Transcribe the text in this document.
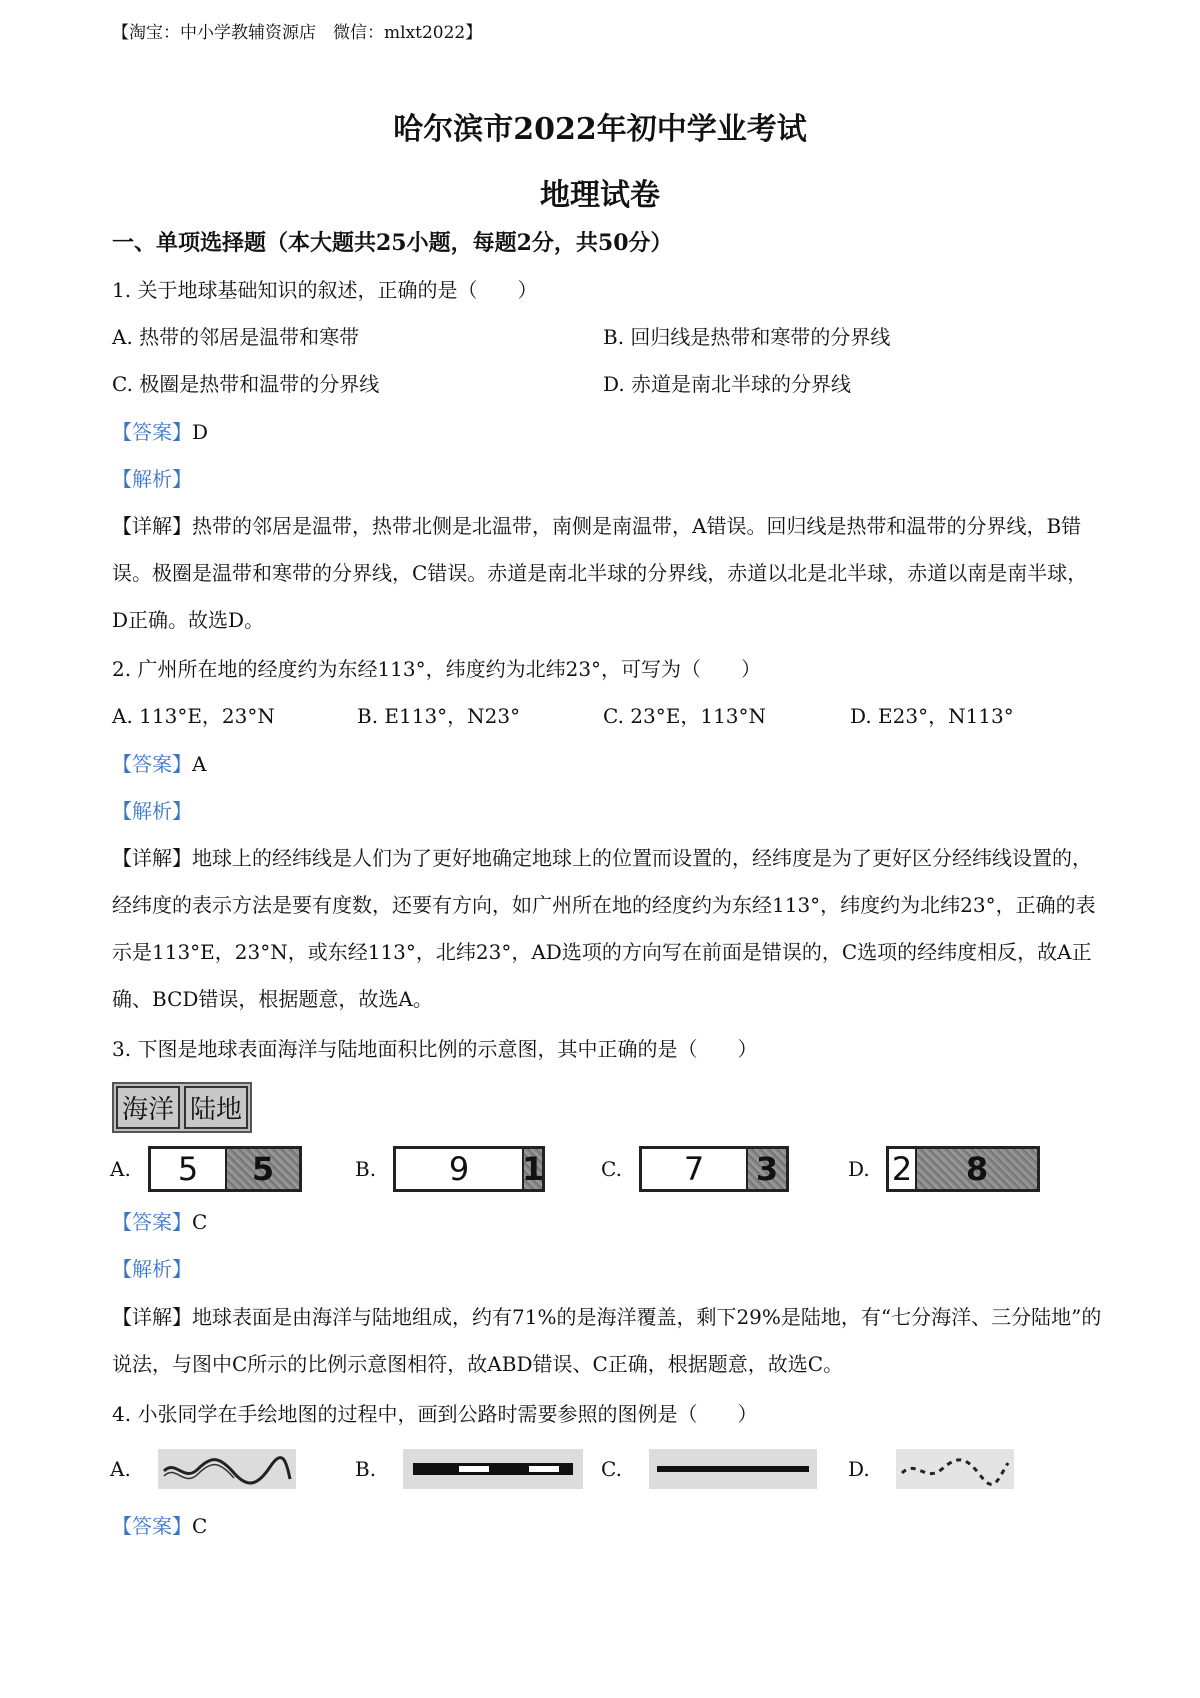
【淘宝：中小学教辅资源店　微信：mlxt2022】
哈尔滨市2022年初中学业考试
地理试卷
一、单项选择题（本大题共25小题，每题2分，共50分）
1. 关于地球基础知识的叙述，正确的是（　　）
A. 热带的邻居是温带和寒带	B. 回归线是热带和寒带的分界线
C. 极圈是热带和温带的分界线	D. 赤道是南北半球的分界线
【答案】D
【解析】
【详解】热带的邻居是温带，热带北侧是北温带，南侧是南温带，A错误。回归线是热带和温带的分界线，B错误。极圈是温带和寒带的分界线，C错误。赤道是南北半球的分界线，赤道以北是北半球，赤道以南是南半球，D正确。故选D。
2. 广州所在地的经度约为东经113°，纬度约为北纬23°，可写为（　　）
A. 113°E，23°N	B. E113°，N23°	C. 23°E，113°N	D. E23°，N113°
【答案】A
【解析】
【详解】地球上的经纬线是人们为了更好地确定地球上的位置而设置的，经纬度是为了更好区分经纬线设置的，经纬度的表示方法是要有度数，还要有方向，如广州所在地的经度约为东经113°，纬度约为北纬23°，正确的表示是113°E，23°N，或东经113°，北纬23°，AD选项的方向写在前面是错误的，C选项的经纬度相反，故A正确、BCD错误，根据题意，故选A。
3. 下图是地球表面海洋与陆地面积比例的示意图，其中正确的是（　　）
海洋 陆地
A.	5	5	B.	9	1	C.	7	3	D. 2	8
【答案】C
【解析】
【详解】地球表面是由海洋与陆地组成，约有71%的是海洋覆盖，剩下29%是陆地，有“七分海洋、三分陆地”的说法，与图中C所示的比例示意图相符，故ABD错误、C正确，根据题意，故选C。
4. 小张同学在手绘地图的过程中，画到公路时需要参照的图例是（　　）
A.	B.	C.	D.
【答案】C
